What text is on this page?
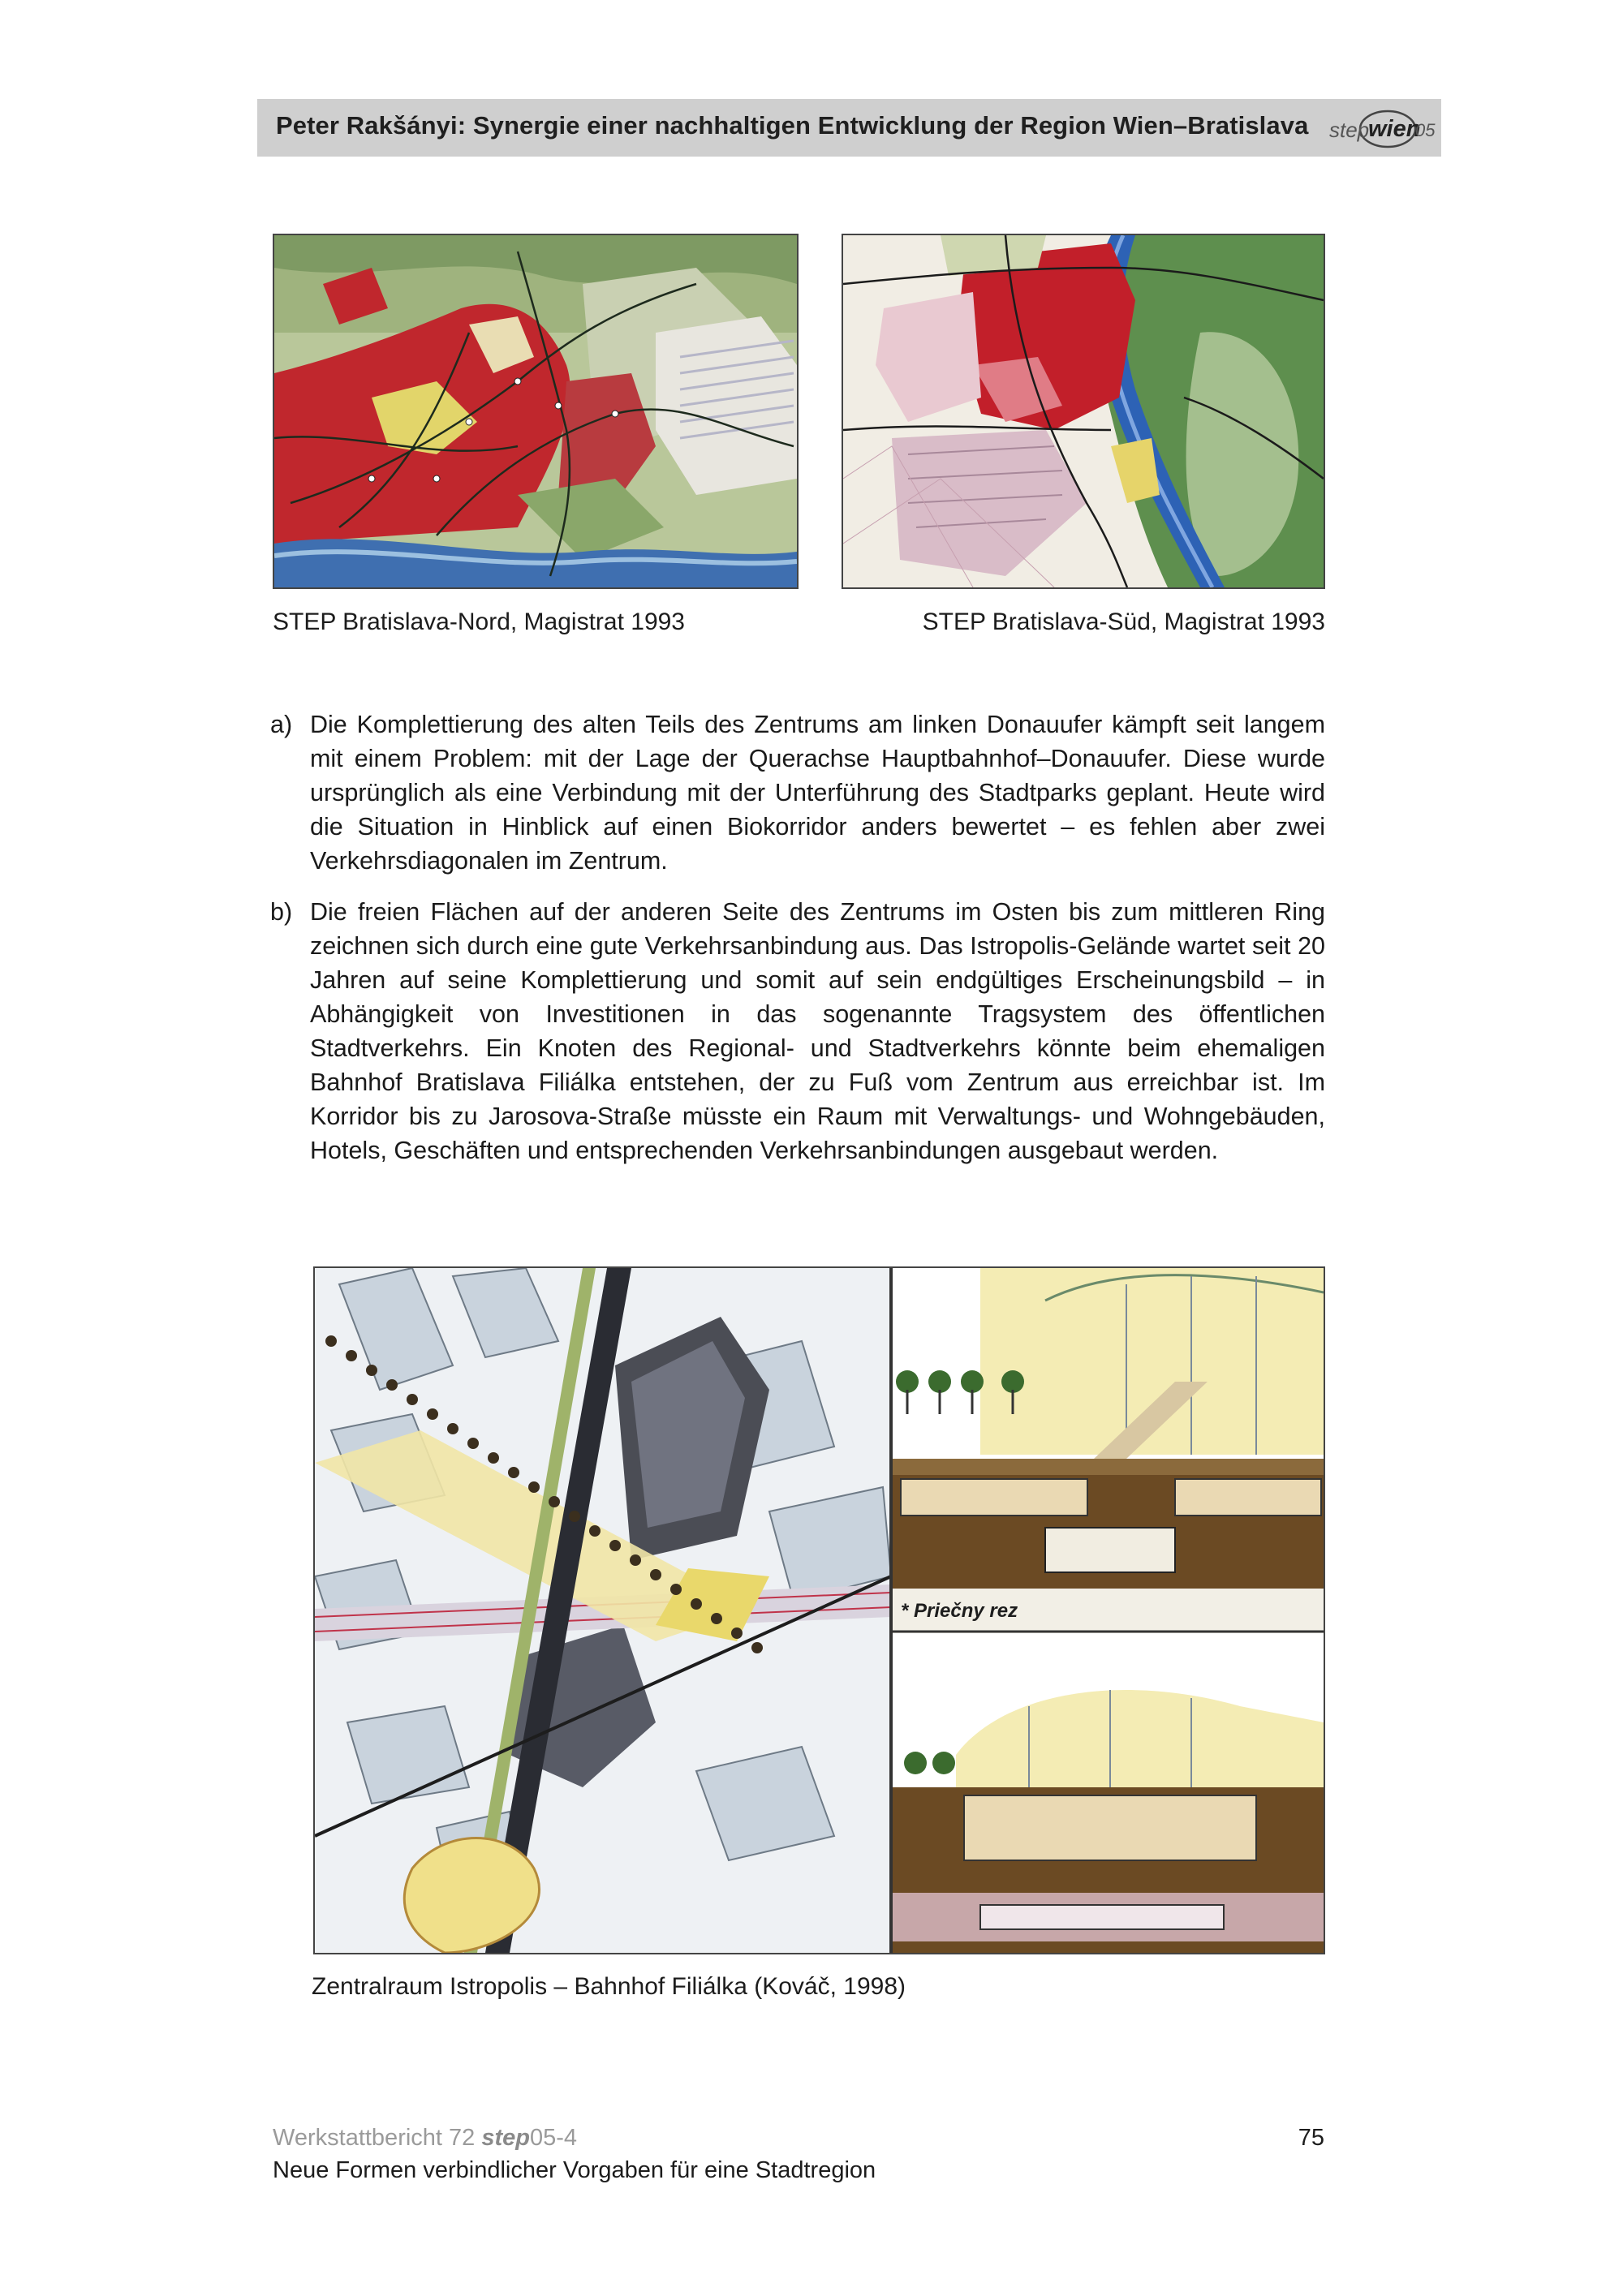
Peter Rakšányi: Synergie einer nachhaltigen Entwicklung der Region Wien–Bratislava step
wien
05
STEP Bratislava-Nord, Magistrat 1993	STEP Bratislava-Süd, Magistrat 1993
a) Die Komplettierung des alten Teils des Zentrums am linken Donauufer kämpft seit langem mit einem Problem: mit der Lage der Querachse Hauptbahnhof–Donauufer. Diese wurde ursprünglich als eine Verbindung mit der Unterführung des Stadtparks geplant. Heute wird die Situation in Hinblick auf einen Biokorridor anders bewertet – es fehlen aber zwei Verkehrsdiagonalen im Zentrum.
b) Die freien Flächen auf der anderen Seite des Zentrums im Osten bis zum mittleren Ring zeichnen sich durch eine gute Verkehrsanbindung aus. Das Istropolis-Gelände wartet seit 20 Jahren auf seine Komplettierung und somit auf sein endgültiges Erscheinungsbild – in Abhängigkeit von Investitionen in das sogenannte Tragsystem des öffentlichen Stadtverkehrs. Ein Knoten des Regional- und Stadtverkehrs könnte beim ehemaligen Bahnhof Bratislava Filiálka entstehen, der zu Fuß vom Zentrum aus erreichbar ist. Im Korridor bis zu Jarosova-Straße müsste ein Raum mit Verwaltungs- und Wohngebäuden, Hotels, Geschäften und entsprechenden Verkehrsanbindungen ausgebaut werden.
* Priečny rez
Zentralraum Istropolis – Bahnhof Filiálka (Kováč, 1998)
Werkstattbericht 72 step05-4
Neue Formen verbindlicher Vorgaben für eine Stadtregion
75
